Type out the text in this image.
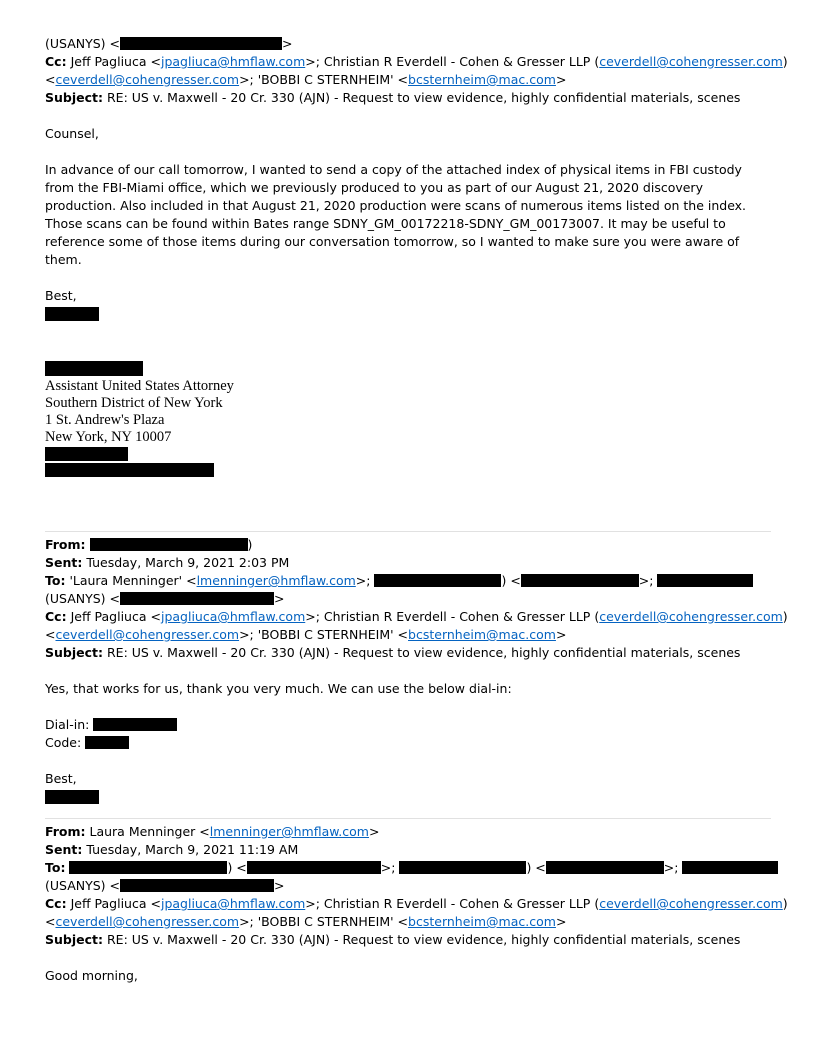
(USANYS) <	>
Cc: Jeff Pagliuca <jpagliuca@hmflaw.com>; Christian R Everdell - Cohen & Gresser LLP (ceverdell@cohengresser.com)
<ceverdell@cohengresser.com>; 'BOBBI C STERNHEIM' <bcsternheim@mac.com>
Subject: RE: US v. Maxwell - 20 Cr. 330 (AJN) - Request to view evidence, highly confidential materials, scenes
Counsel,
In advance of our call tomorrow, I wanted to send a copy of the attached index of physical items in FBI custody from the FBI-Miami office, which we previously produced to you as part of our August 21, 2020 discovery production. Also included in that August 21, 2020 production were scans of numerous items listed on the index. Those scans can be found within Bates range SDNY_GM_00172218-SDNY_GM_00173007. It may be useful to reference some of those items during our conversation tomorrow, so I wanted to make sure you were aware of them.
Best,
Assistant United States Attorney
Southern District of New York
1 St. Andrew's Plaza
New York, NY 10007
From:	)
Sent: Tuesday, March 9, 2021 2:03 PM
To: 'Laura Menninger' <lmenninger@hmflaw.com>;	) <	>;
(USANYS) <	>
Cc: Jeff Pagliuca <jpagliuca@hmflaw.com>; Christian R Everdell - Cohen & Gresser LLP (ceverdell@cohengresser.com)
<ceverdell@cohengresser.com>; 'BOBBI C STERNHEIM' <bcsternheim@mac.com>
Subject: RE: US v. Maxwell - 20 Cr. 330 (AJN) - Request to view evidence, highly confidential materials, scenes
Yes, that works for us, thank you very much. We can use the below dial-in:
Dial-in:
Code:
Best,
From: Laura Menninger <lmenninger@hmflaw.com>
Sent: Tuesday, March 9, 2021 11:19 AM
To:	) <	>;	) <	>;
(USANYS) <	>
Cc: Jeff Pagliuca <jpagliuca@hmflaw.com>; Christian R Everdell - Cohen & Gresser LLP (ceverdell@cohengresser.com)
<ceverdell@cohengresser.com>; 'BOBBI C STERNHEIM' <bcsternheim@mac.com>
Subject: RE: US v. Maxwell - 20 Cr. 330 (AJN) - Request to view evidence, highly confidential materials, scenes
Good morning,
